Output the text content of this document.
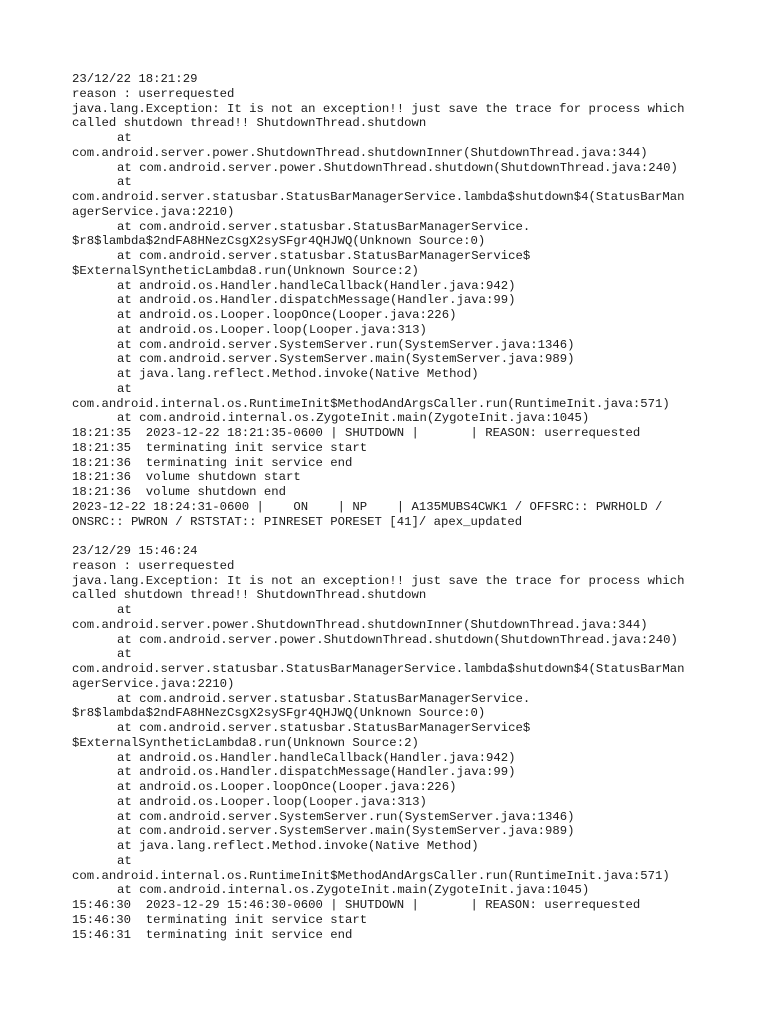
23/12/22 18:21:29
reason : userrequested
java.lang.Exception: It is not an exception!! just save the trace for process which
called shutdown thread!! ShutdownThread.shutdown
at
com.android.server.power.ShutdownThread.shutdownInner(ShutdownThread.java:344)
at com.android.server.power.ShutdownThread.shutdown(ShutdownThread.java:240)
at
com.android.server.statusbar.StatusBarManagerService.lambda$shutdown$4(StatusBarMan
agerService.java:2210)
at com.android.server.statusbar.StatusBarManagerService.
$r8$lambda$2ndFA8HNezCsgX2sySFgr4QHJWQ(Unknown Source:0)
at com.android.server.statusbar.StatusBarManagerService$
$ExternalSyntheticLambda8.run(Unknown Source:2)
at android.os.Handler.handleCallback(Handler.java:942)
at android.os.Handler.dispatchMessage(Handler.java:99)
at android.os.Looper.loopOnce(Looper.java:226)
at android.os.Looper.loop(Looper.java:313)
at com.android.server.SystemServer.run(SystemServer.java:1346)
at com.android.server.SystemServer.main(SystemServer.java:989)
at java.lang.reflect.Method.invoke(Native Method)
at
com.android.internal.os.RuntimeInit$MethodAndArgsCaller.run(RuntimeInit.java:571)
at com.android.internal.os.ZygoteInit.main(ZygoteInit.java:1045)
18:21:35  2023-12-22 18:21:35-0600 | SHUTDOWN |       | REASON: userrequested
18:21:35  terminating init service start
18:21:36  terminating init service end
18:21:36  volume shutdown start
18:21:36  volume shutdown end
2023-12-22 18:24:31-0600 |    ON    | NP    | A135MUBS4CWK1 / OFFSRC:: PWRHOLD /
ONSRC:: PWRON / RSTSTAT:: PINRESET PORESET [41]/ apex_updated
23/12/29 15:46:24
reason : userrequested
java.lang.Exception: It is not an exception!! just save the trace for process which
called shutdown thread!! ShutdownThread.shutdown
at
com.android.server.power.ShutdownThread.shutdownInner(ShutdownThread.java:344)
at com.android.server.power.ShutdownThread.shutdown(ShutdownThread.java:240)
at
com.android.server.statusbar.StatusBarManagerService.lambda$shutdown$4(StatusBarMan
agerService.java:2210)
at com.android.server.statusbar.StatusBarManagerService.
$r8$lambda$2ndFA8HNezCsgX2sySFgr4QHJWQ(Unknown Source:0)
at com.android.server.statusbar.StatusBarManagerService$
$ExternalSyntheticLambda8.run(Unknown Source:2)
at android.os.Handler.handleCallback(Handler.java:942)
at android.os.Handler.dispatchMessage(Handler.java:99)
at android.os.Looper.loopOnce(Looper.java:226)
at android.os.Looper.loop(Looper.java:313)
at com.android.server.SystemServer.run(SystemServer.java:1346)
at com.android.server.SystemServer.main(SystemServer.java:989)
at java.lang.reflect.Method.invoke(Native Method)
at
com.android.internal.os.RuntimeInit$MethodAndArgsCaller.run(RuntimeInit.java:571)
at com.android.internal.os.ZygoteInit.main(ZygoteInit.java:1045)
15:46:30  2023-12-29 15:46:30-0600 | SHUTDOWN |       | REASON: userrequested
15:46:30  terminating init service start
15:46:31  terminating init service end
